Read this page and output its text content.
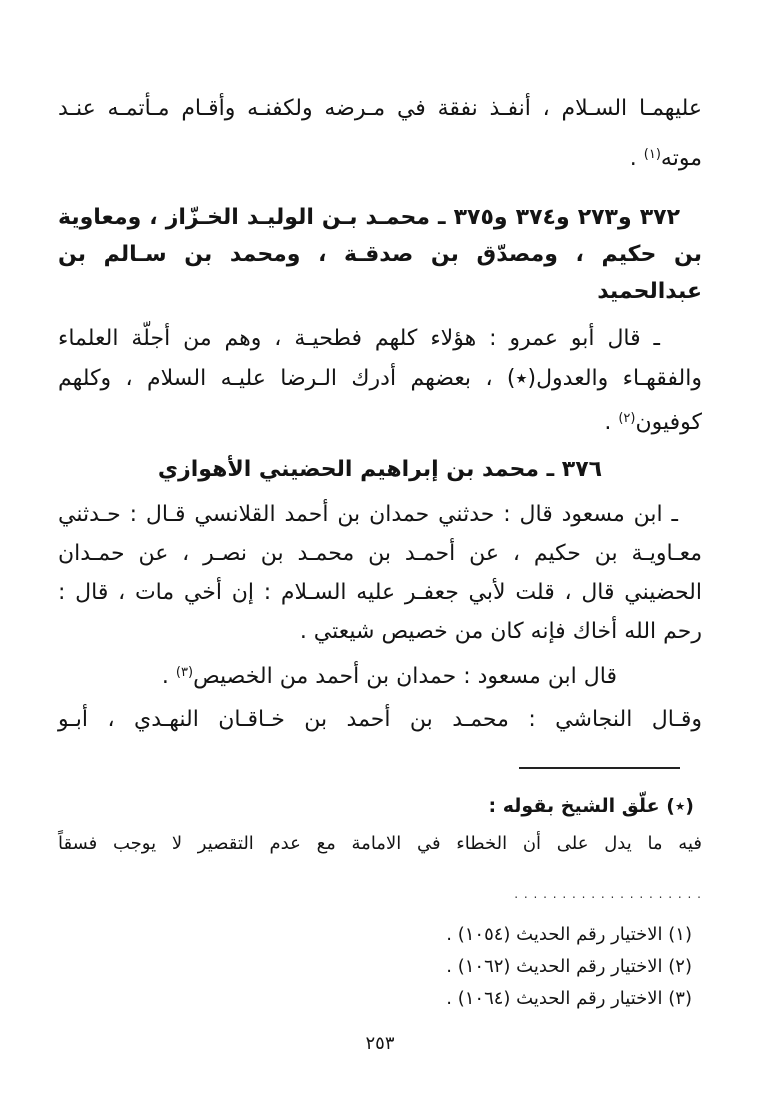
عليهمـا السـلام ، أنفـذ نفقة في مـرضه ولكفنـه وأقـام مـأتمـه عنـد موته$^{(١)}$ .

٣٧٢ و٢٧٣ و٣٧٤ و٣٧٥ ـ محمـد بـن الوليـد الخـزّاز ، ومعاوية بن حكيم ، ومصدّق بن صدقـة ، ومحمد بن سـالم بن عبدالحميد

ـ قال أبو عمرو : هؤلاء كلهم فطحيـة ، وهم من أجلّة العلماء والفقهـاء والعدول(٭) ، بعضهم أدرك الـرضا عليـه السلام ، وكلهم كوفيون$^{(٢)}$ .

٣٧٦ ـ محمد بن إبراهيم الحضيني الأهوازي

ـ ابن مسعود قال : حدثني حمدان بن أحمد القلانسي قـال : حـدثني معـاويـة بن حكيم ، عن أحمـد بن محمـد بن نصـر ، عن حمـدان الحضيني قال ، قلت لأبي جعفـر عليه السـلام : إن أخي مات ، قال : رحم الله أخاك فإنه كان من خصيص شيعتي .

قال ابن مسعود : حمدان بن أحمد من الخصيص$^{(٣)}$ .

وقـال النجاشي : محمـد بن أحمد بن خـاقـان النهـدي ، أبـو

(٭) علّق الشيخ بقوله :

فيه ما يدل على أن الخطاء في الامامة مع عدم التقصير لا يوجب فسقاً

. . . . . . . . . . . . . . . . . . . .

(١) الاختيار رقم الحديث (١٠٥٤) .

(٢) الاختيار رقم الحديث (١٠٦٢) .

(٣) الاختيار رقم الحديث (١٠٦٤) .

٢٥٣
